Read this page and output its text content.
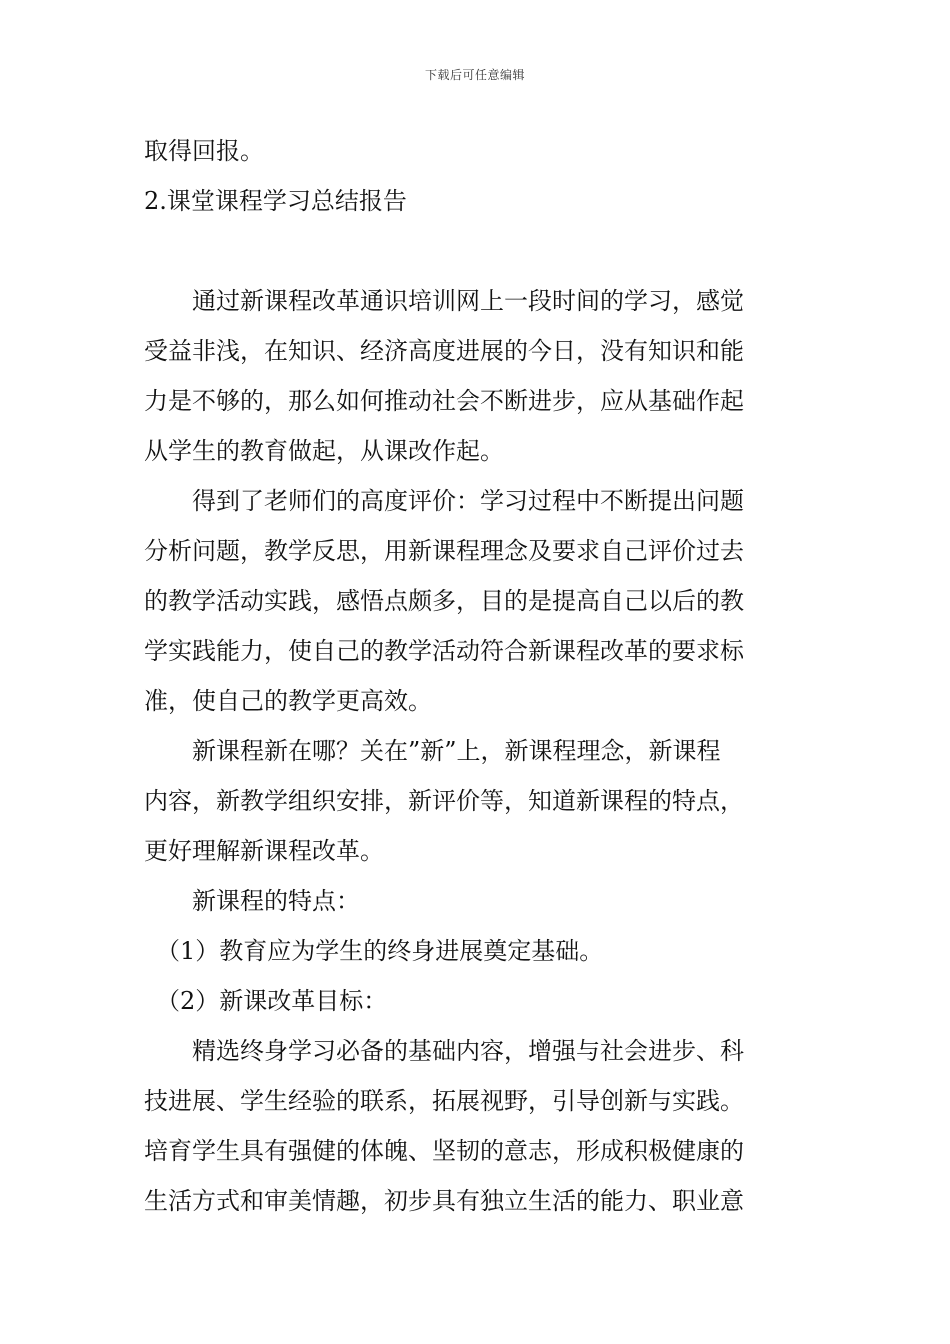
下载后可任意编辑
取得回报。
2.课堂课程学习总结报告
　　通过新课程改革通识培训网上一段时间的学习，感觉
受益非浅，在知识、经济高度进展的今日，没有知识和能
力是不够的，那么如何推动社会不断进步，应从基础作起
从学生的教育做起，从课改作起。
　　得到了老师们的高度评价：学习过程中不断提出问题
分析问题，教学反思，用新课程理念及要求自己评价过去
的教学活动实践，感悟点颇多，目的是提高自己以后的教
学实践能力，使自己的教学活动符合新课程改革的要求标
准，使自己的教学更高效。
　　新课程新在哪？关在”新”上，新课程理念，新课程
内容，新教学组织安排，新评价等，知道新课程的特点，
更好理解新课程改革。
　　新课程的特点：
　（1）教育应为学生的终身进展奠定基础。
　（2）新课改革目标：
　　精选终身学习必备的基础内容，增强与社会进步、科
技进展、学生经验的联系，拓展视野，引导创新与实践。
培育学生具有强健的体魄、坚韧的意志，形成积极健康的
生活方式和审美情趣，初步具有独立生活的能力、职业意
